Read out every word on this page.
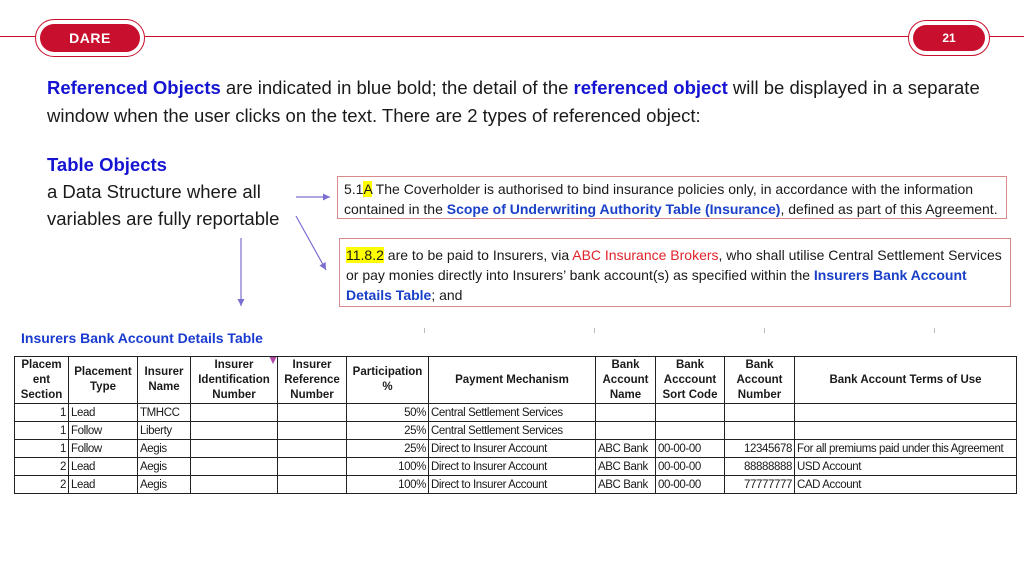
DARE	21
Referenced Objects are indicated in blue bold; the detail of the referenced object will be displayed in a separate window when the user clicks on the text. There are 2 types of referenced object:
Table Objects
a Data Structure where all
variables are fully reportable
5.1A The Coverholder is authorised to bind insurance policies only, in accordance with the information contained in the Scope of Underwriting Authority Table (Insurance), defined as part of this Agreement.
11.8.2 are to be paid to Insurers, via ABC Insurance Brokers, who shall utilise Central Settlement Services or pay monies directly into Insurers’ bank account(s) as specified within the Insurers Bank Account Details Table; and
Insurers Bank Account Details Table
Placem ent Section	Placement Type	Insurer Name	Insurer Identification Number	Insurer Reference Number	Participation %	Payment Mechanism	Bank Account Name	Bank Acccount Sort Code	Bank Account Number	Bank Account Terms of Use
1	Lead	TMHCC			50%	Central Settlement Services				
1	Follow	Liberty			25%	Central Settlement Services				
1	Follow	Aegis			25%	Direct to Insurer Account	ABC Bank	00-00-00	12345678	For all premiums paid under this Agreement
2	Lead	Aegis			100%	Direct to Insurer Account	ABC Bank	00-00-00	88888888	USD Account
2	Lead	Aegis			100%	Direct to Insurer Account	ABC Bank	00-00-00	77777777	CAD Account
